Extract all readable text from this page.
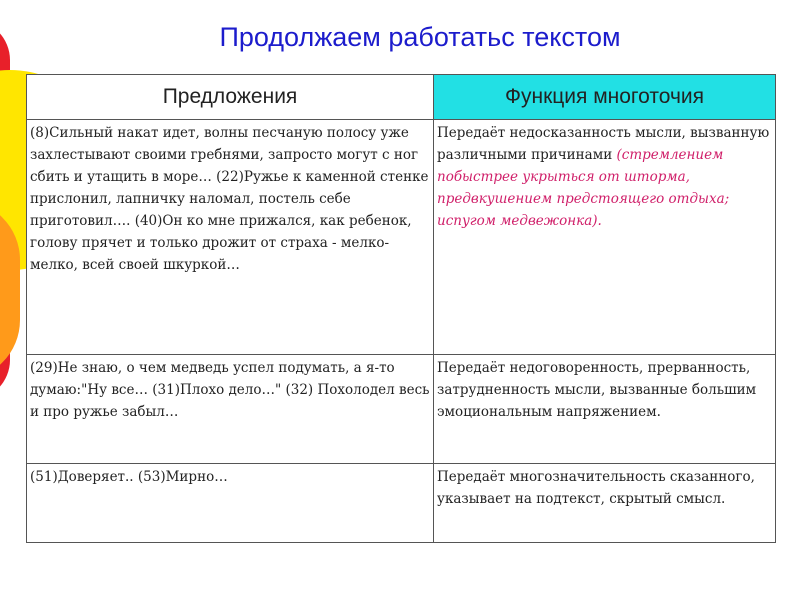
Продолжаем работатьс текстом
Предложения	Функция многоточия
(8)Сильный накат идет, волны песчаную полосу уже захлестывают своими гребнями, запросто могут с ног сбить и утащить в море… (22)Ружье к каменной стенке прислонил, лапничку наломал, постель себе приготовил…. (40)Он ко мне прижался, как ребенок, голову прячет и только дрожит от страха - мелко-мелко, всей своей шкуркой…	Передаёт недосказанность мысли, вызванную различными причинами (стремлением побыстрее укрыться от шторма, предвкушением предстоящего отдыха; испугом медвежонка).
(29)Не знаю, о чем медведь успел подумать, а я-то думаю:"Ну все… (31)Плохо дело…" (32) Похолодел весь и про ружье забыл…	Передаёт недоговоренность, прерванность, затрудненность мысли, вызванные большим эмоциональным напряжением.
(51)Доверяет.. (53)Мирно…	Передаёт многозначительность сказанного, указывает на подтекст, скрытый смысл.
